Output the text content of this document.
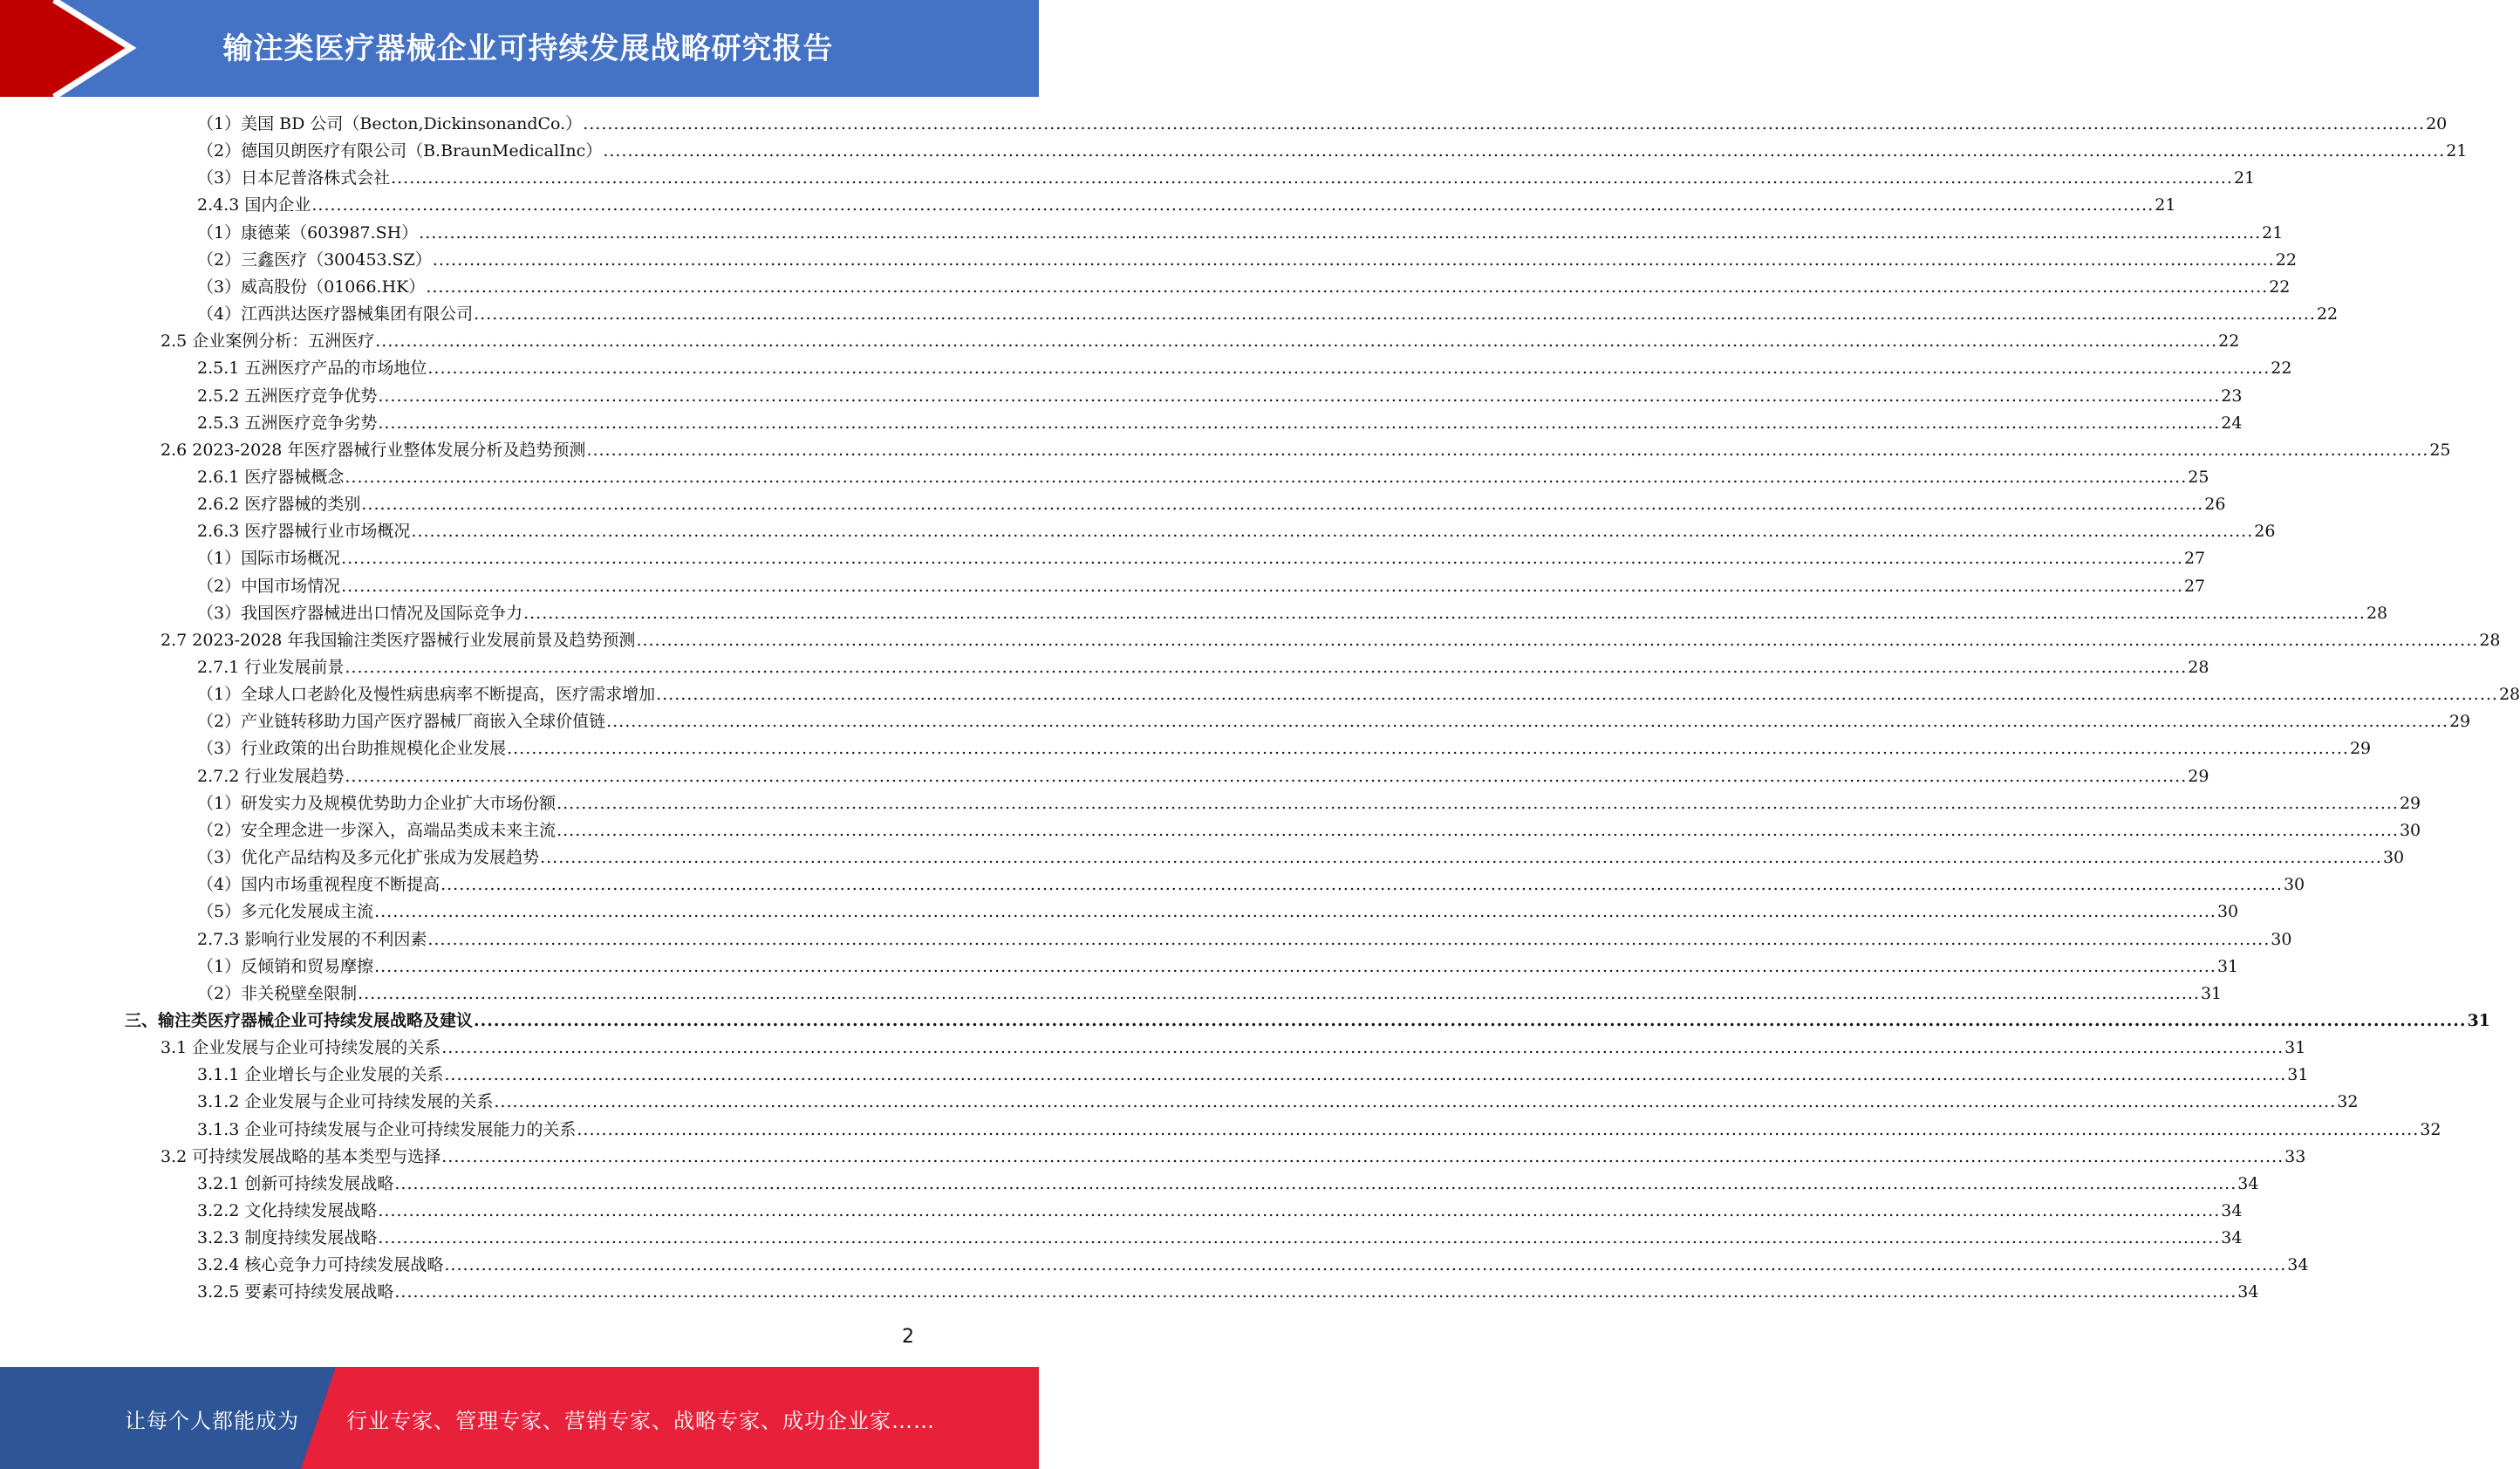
输注类医疗器械企业可持续发展战略研究报告
（1）美国 BD 公司（Becton,DickinsonandCo.） ............................................................................................................................................................................................................................................................................................................ 20
（2）德国贝朗医疗有限公司（B.BraunMedicalInc） ............................................................................................................................................................................................................................................................................................................ 21
（3）日本尼普洛株式会社 ............................................................................................................................................................................................................................................................................................................ 21
2.4.3 国内企业 ............................................................................................................................................................................................................................................................................................................ 21
（1）康德莱（603987.SH） ............................................................................................................................................................................................................................................................................................................ 21
（2）三鑫医疗（300453.SZ） ............................................................................................................................................................................................................................................................................................................ 22
（3）威高股份（01066.HK） ............................................................................................................................................................................................................................................................................................................ 22
（4）江西洪达医疗器械集团有限公司 ............................................................................................................................................................................................................................................................................................................ 22
2.5 企业案例分析：五洲医疗 ............................................................................................................................................................................................................................................................................................................ 22
2.5.1 五洲医疗产品的市场地位 ............................................................................................................................................................................................................................................................................................................ 22
2.5.2 五洲医疗竞争优势 ............................................................................................................................................................................................................................................................................................................ 23
2.5.3 五洲医疗竞争劣势 ............................................................................................................................................................................................................................................................................................................ 24
2.6 2023-2028 年医疗器械行业整体发展分析及趋势预测 ............................................................................................................................................................................................................................................................................................................ 25
2.6.1 医疗器械概念 ............................................................................................................................................................................................................................................................................................................ 25
2.6.2 医疗器械的类别 ............................................................................................................................................................................................................................................................................................................ 26
2.6.3 医疗器械行业市场概况 ............................................................................................................................................................................................................................................................................................................ 26
（1）国际市场概况 ............................................................................................................................................................................................................................................................................................................ 27
（2）中国市场情况 ............................................................................................................................................................................................................................................................................................................ 27
（3）我国医疗器械进出口情况及国际竞争力 ............................................................................................................................................................................................................................................................................................................ 28
2.7 2023-2028 年我国输注类医疗器械行业发展前景及趋势预测 ............................................................................................................................................................................................................................................................................................................ 28
2.7.1 行业发展前景 ............................................................................................................................................................................................................................................................................................................ 28
（1）全球人口老龄化及慢性病患病率不断提高，医疗需求增加 ............................................................................................................................................................................................................................................................................................................ 28
（2）产业链转移助力国产医疗器械厂商嵌入全球价值链 ............................................................................................................................................................................................................................................................................................................ 29
（3）行业政策的出台助推规模化企业发展 ............................................................................................................................................................................................................................................................................................................ 29
2.7.2 行业发展趋势 ............................................................................................................................................................................................................................................................................................................ 29
（1）研发实力及规模优势助力企业扩大市场份额 ............................................................................................................................................................................................................................................................................................................ 29
（2）安全理念进一步深入，高端品类成未来主流 ............................................................................................................................................................................................................................................................................................................ 30
（3）优化产品结构及多元化扩张成为发展趋势 ............................................................................................................................................................................................................................................................................................................ 30
（4）国内市场重视程度不断提高 ............................................................................................................................................................................................................................................................................................................ 30
（5）多元化发展成主流 ............................................................................................................................................................................................................................................................................................................ 30
2.7.3 影响行业发展的不利因素 ............................................................................................................................................................................................................................................................................................................ 30
（1）反倾销和贸易摩擦 ............................................................................................................................................................................................................................................................................................................ 31
（2）非关税壁垒限制 ............................................................................................................................................................................................................................................................................................................ 31
三、输注类医疗器械企业可持续发展战略及建议 ............................................................................................................................................................................................................................................................................................................ 31
3.1 企业发展与企业可持续发展的关系 ............................................................................................................................................................................................................................................................................................................ 31
3.1.1 企业增长与企业发展的关系 ............................................................................................................................................................................................................................................................................................................ 31
3.1.2 企业发展与企业可持续发展的关系 ............................................................................................................................................................................................................................................................................................................ 32
3.1.3 企业可持续发展与企业可持续发展能力的关系 ............................................................................................................................................................................................................................................................................................................ 32
3.2 可持续发展战略的基本类型与选择 ............................................................................................................................................................................................................................................................................................................ 33
3.2.1 创新可持续发展战略 ............................................................................................................................................................................................................................................................................................................ 34
3.2.2 文化持续发展战略 ............................................................................................................................................................................................................................................................................................................ 34
3.2.3 制度持续发展战略 ............................................................................................................................................................................................................................................................................................................ 34
3.2.4 核心竞争力可持续发展战略 ............................................................................................................................................................................................................................................................................................................ 34
3.2.5 要素可持续发展战略 ............................................................................................................................................................................................................................................................................................................ 34
2
让每个人都能成为 行业专家、管理专家、营销专家、战略专家、成功企业家……
